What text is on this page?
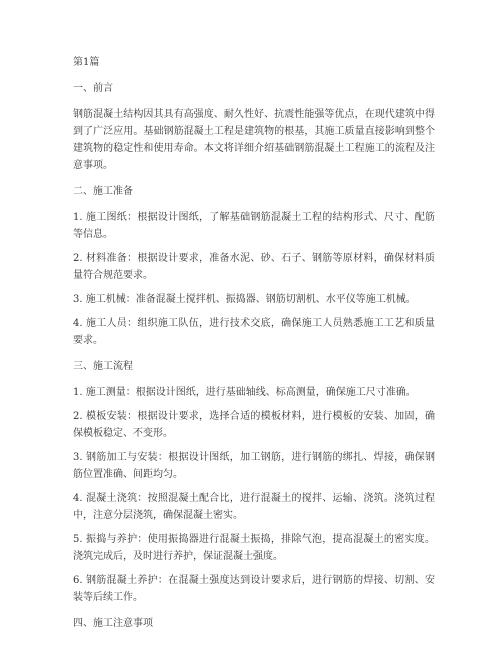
第1篇

一、前言

钢筋混凝土结构因其具有高强度、耐久性好、抗震性能强等优点，在现代建筑中得到了广泛应用。基础钢筋混凝土工程是建筑物的根基，其施工质量直接影响到整个建筑物的稳定性和使用寿命。本文将详细介绍基础钢筋混凝土工程施工的流程及注意事项。

二、施工准备

1. 施工图纸：根据设计图纸，了解基础钢筋混凝土工程的结构形式、尺寸、配筋等信息。

2. 材料准备：根据设计要求，准备水泥、砂、石子、钢筋等原材料，确保材料质量符合规范要求。

3. 施工机械：准备混凝土搅拌机、振捣器、钢筋切割机、水平仪等施工机械。

4. 施工人员：组织施工队伍，进行技术交底，确保施工人员熟悉施工工艺和质量要求。

三、施工流程

1. 施工测量：根据设计图纸，进行基础轴线、标高测量，确保施工尺寸准确。

2. 模板安装：根据设计要求，选择合适的模板材料，进行模板的安装、加固，确保模板稳定、不变形。

3. 钢筋加工与安装：根据设计图纸，加工钢筋，进行钢筋的绑扎、焊接，确保钢筋位置准确、间距均匀。

4. 混凝土浇筑：按照混凝土配合比，进行混凝土的搅拌、运输、浇筑。浇筑过程中，注意分层浇筑，确保混凝土密实。

5. 振捣与养护：使用振捣器进行混凝土振捣，排除气泡，提高混凝土的密实度。浇筑完成后，及时进行养护，保证混凝土强度。

6. 钢筋混凝土养护：在混凝土强度达到设计要求后，进行钢筋的焊接、切割、安装等后续工作。

四、施工注意事项
